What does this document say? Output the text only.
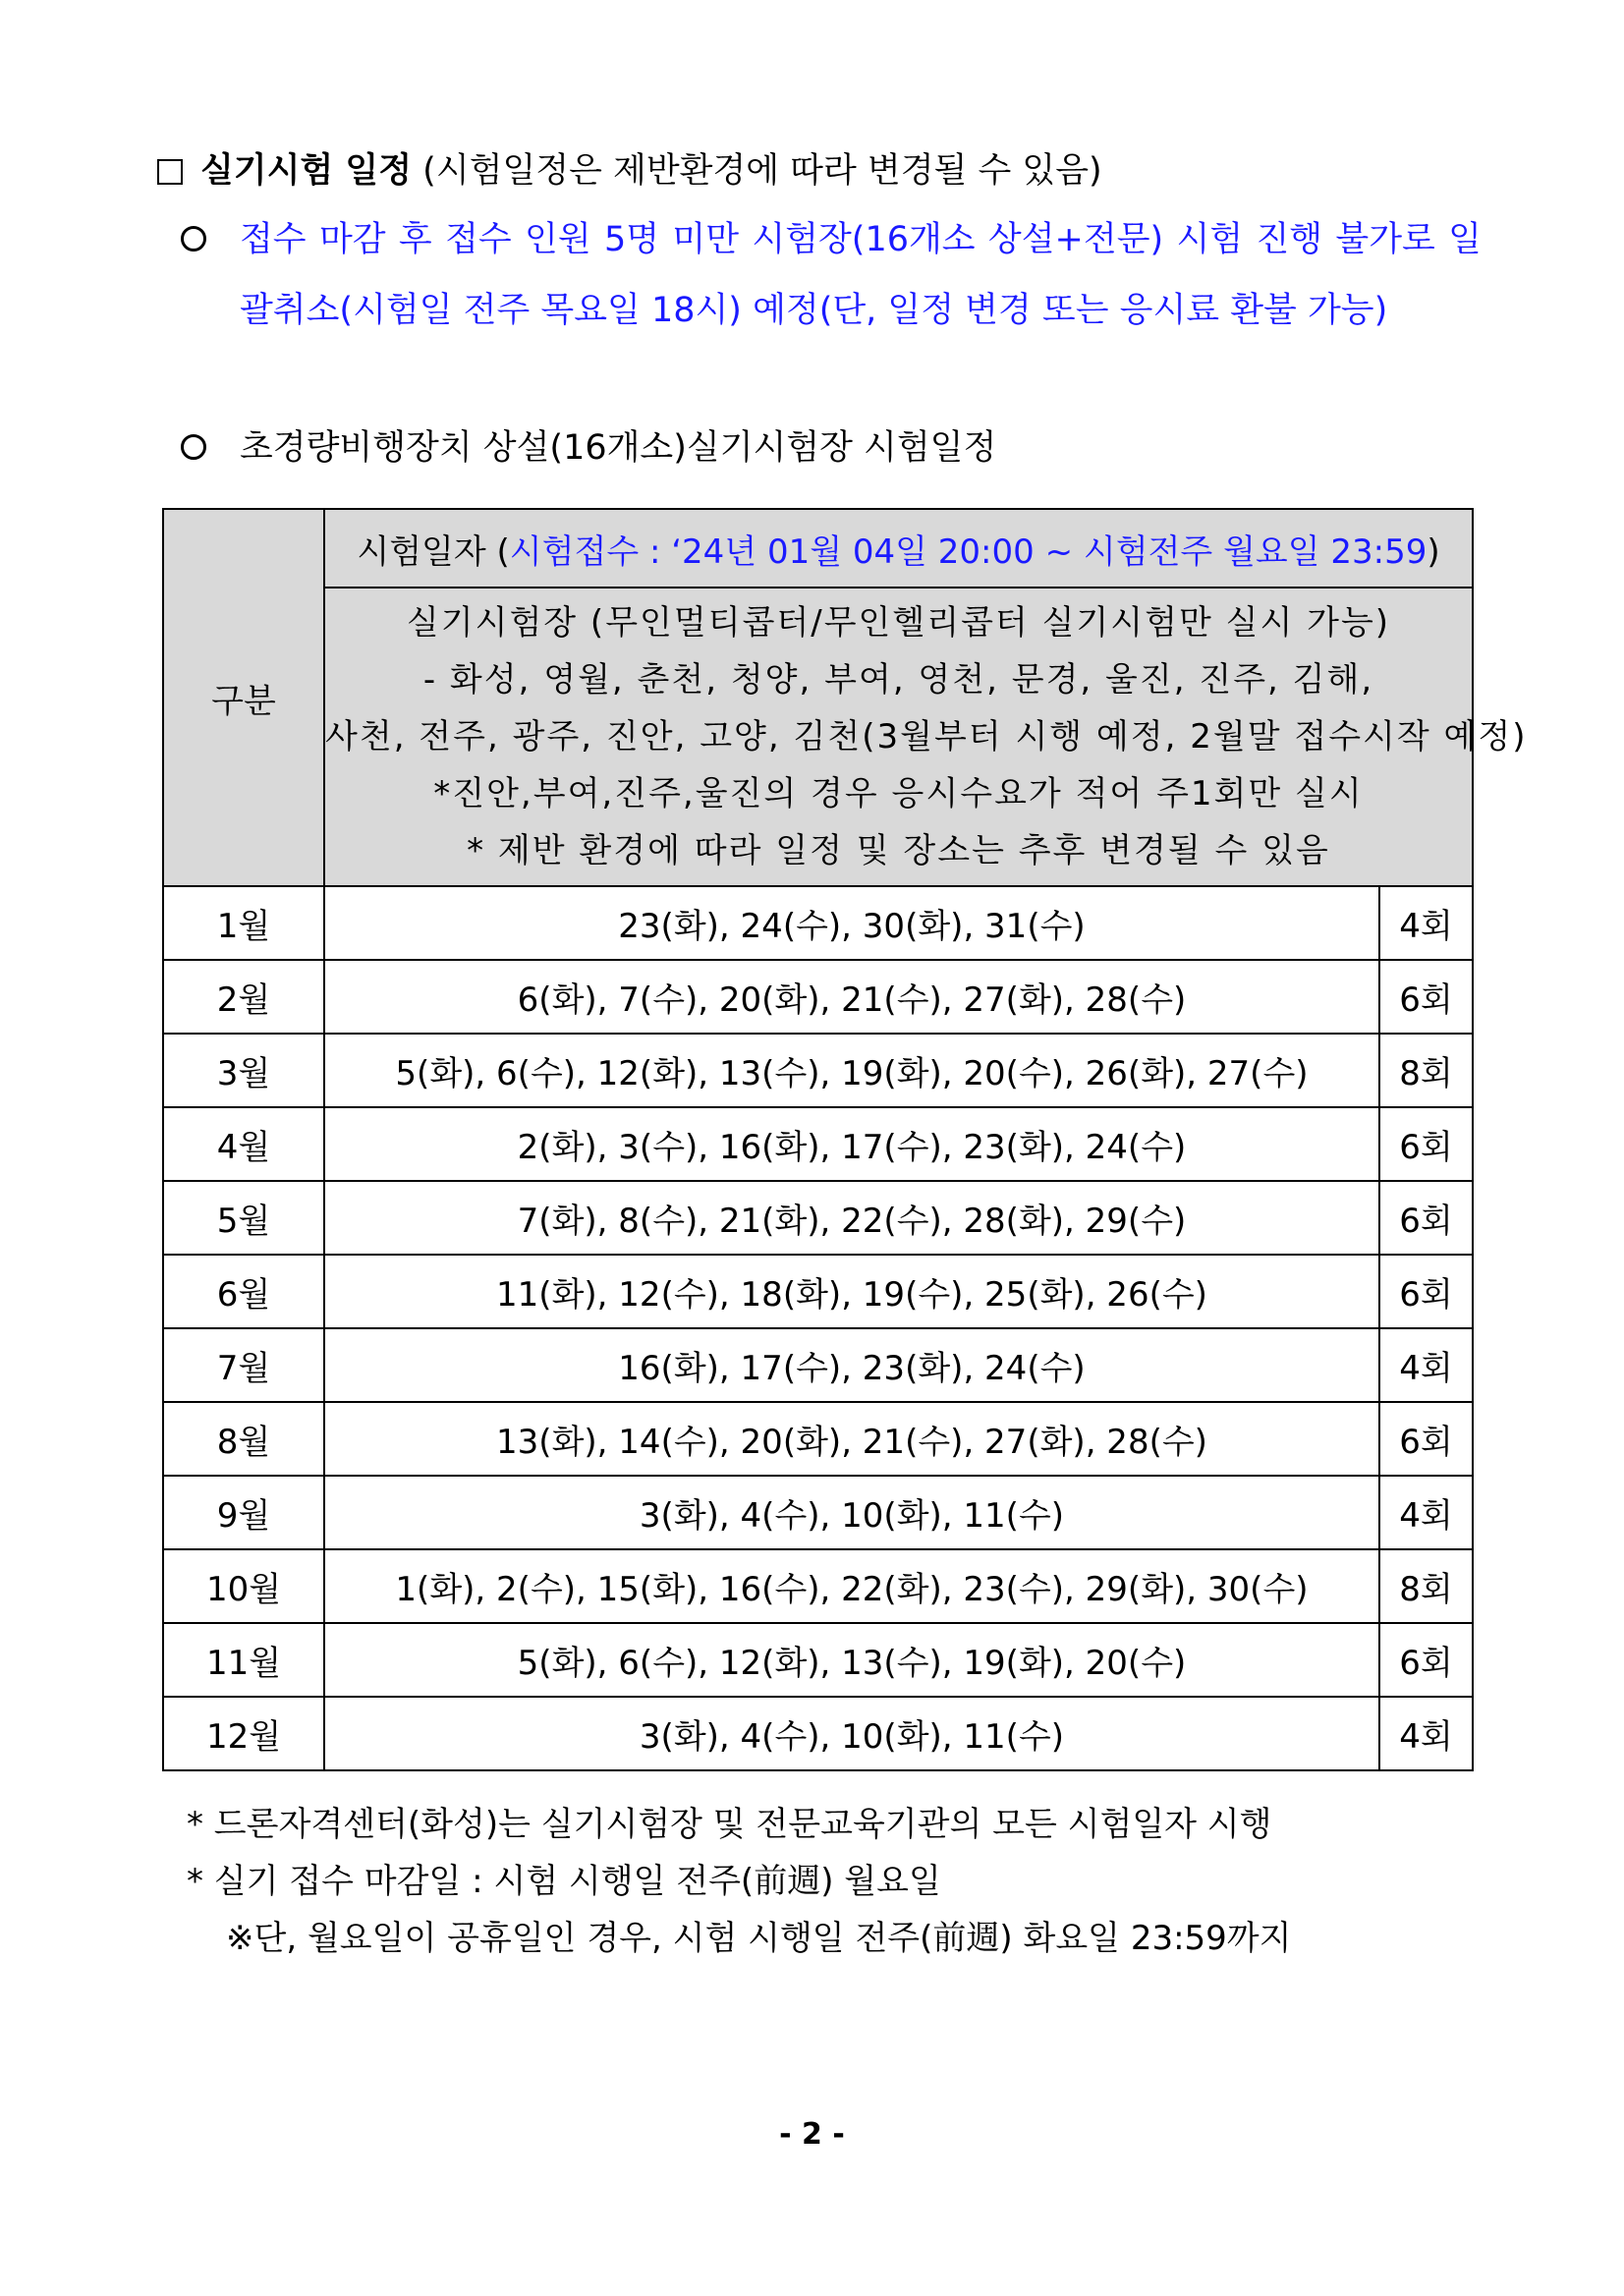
실기시험 일정 (시험일정은 제반환경에 따라 변경될 수 있음)
접수 마감 후 접수 인원 5명 미만 시험장(16개소 상설+전문) 시험 진행 불가로 일괄취소(시험일 전주 목요일 18시) 예정(단, 일정 변경 또는 응시료 환불 가능)
초경량비행장치 상설(16개소)실기시험장 시험일정
구분	시험일자 (시험접수 : ‘24년 01월 04일 20:00 ~ 시험전주 월요일 23:59)	

	실기시험장 (무인멀티콥터/무인헬리콥터 실기시험만 실시 가능)
- 화성, 영월, 춘천, 청양, 부여, 영천, 문경, 울진, 진주, 김해,
사천, 전주, 광주, 진안, 고양, 김천(3월부터 시행 예정, 2월말 접수시작 예정)
*진안,부여,진주,울진의 경우 응시수요가 적어 주1회만 실시
* 제반 환경에 따라 일정 및 장소는 추후 변경될 수 있음	

1월	23(화), 24(수), 30(화), 31(수)	4회
2월	6(화), 7(수), 20(화), 21(수), 27(화), 28(수)	6회
3월	5(화), 6(수), 12(화), 13(수), 19(화), 20(수), 26(화), 27(수)	8회
4월	2(화), 3(수), 16(화), 17(수), 23(화), 24(수)	6회
5월	7(화), 8(수), 21(화), 22(수), 28(화), 29(수)	6회
6월	11(화), 12(수), 18(화), 19(수), 25(화), 26(수)	6회
7월	16(화), 17(수), 23(화), 24(수)	4회
8월	13(화), 14(수), 20(화), 21(수), 27(화), 28(수)	6회
9월	3(화), 4(수), 10(화), 11(수)	4회
10월	1(화), 2(수), 15(화), 16(수), 22(화), 23(수), 29(화), 30(수)	8회
11월	5(화), 6(수), 12(화), 13(수), 19(화), 20(수)	6회
12월	3(화), 4(수), 10(화), 11(수)	4회
* 드론자격센터(화성)는 실기시험장 및 전문교육기관의 모든 시험일자 시행
* 실기 접수 마감일 : 시험 시행일 전주(前週) 월요일
※단, 월요일이 공휴일인 경우, 시험 시행일 전주(前週) 화요일 23:59까지
- 2 -
